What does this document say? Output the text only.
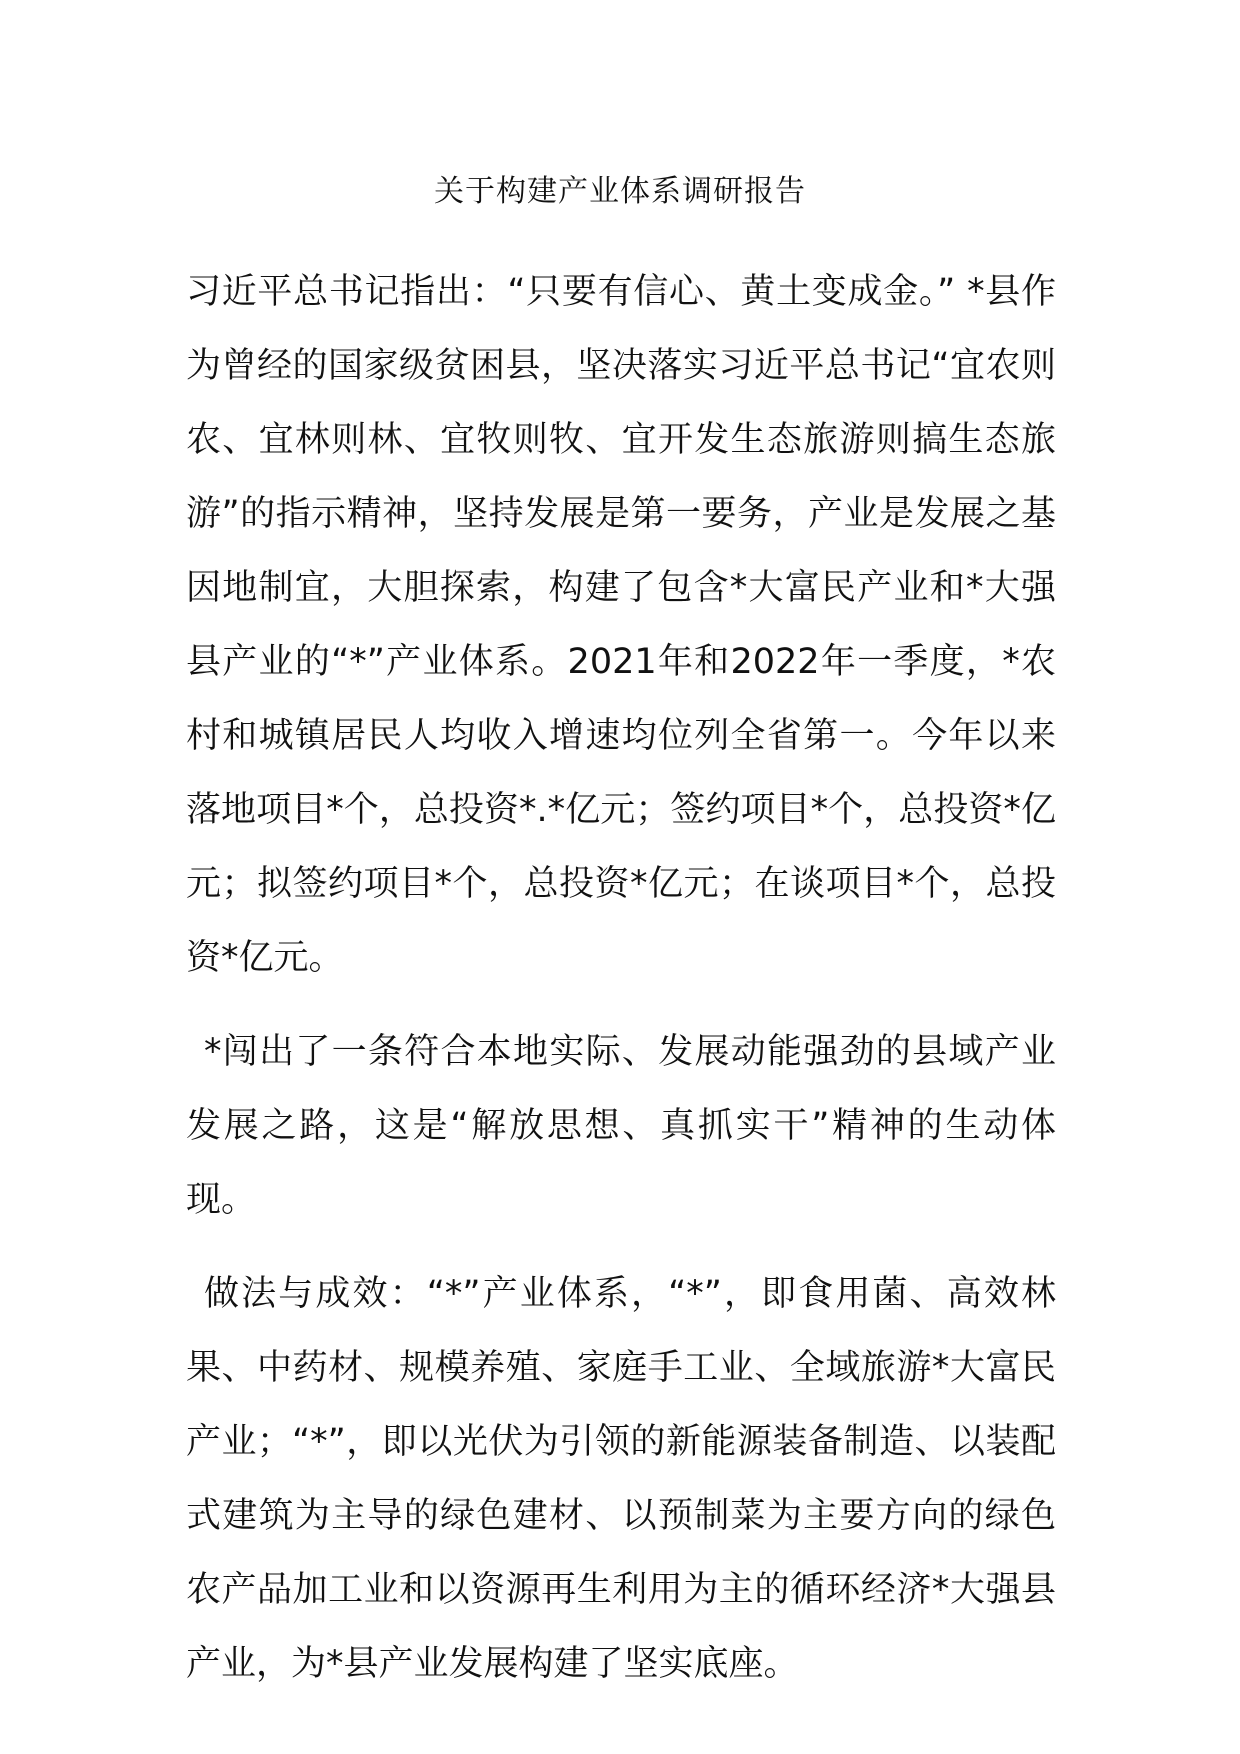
关于构建产业体系调研报告

习近平总书记指出：“只要有信心、黄土变成金。” *县作为曾经的国家级贫困县，坚决落实习近平总书记“宜农则农、宜林则林、宜牧则牧、宜开发生态旅游则搞生态旅游”的指示精神，坚持发展是第一要务，产业是发展之基因地制宜，大胆探索，构建了包含*大富民产业和*大强县产业的“*”产业体系。2021年和2022年一季度，*农村和城镇居民人均收入增速均位列全省第一。今年以来落地项目*个，总投资*.*亿元；签约项目*个，总投资*亿元；拟签约项目*个，总投资*亿元；在谈项目*个，总投资*亿元。

*闯出了一条符合本地实际、发展动能强劲的县域产业发展之路，这是“解放思想、真抓实干”精神的生动体现。

做法与成效：“*”产业体系，“*”，即食用菌、高效林果、中药材、规模养殖、家庭手工业、全域旅游*大富民产业；“*”，即以光伏为引领的新能源装备制造、以装配式建筑为主导的绿色建材、以预制菜为主要方向的绿色农产品加工业和以资源再生利用为主的循环经济*大强县产业，为*县产业发展构建了坚实底座。
